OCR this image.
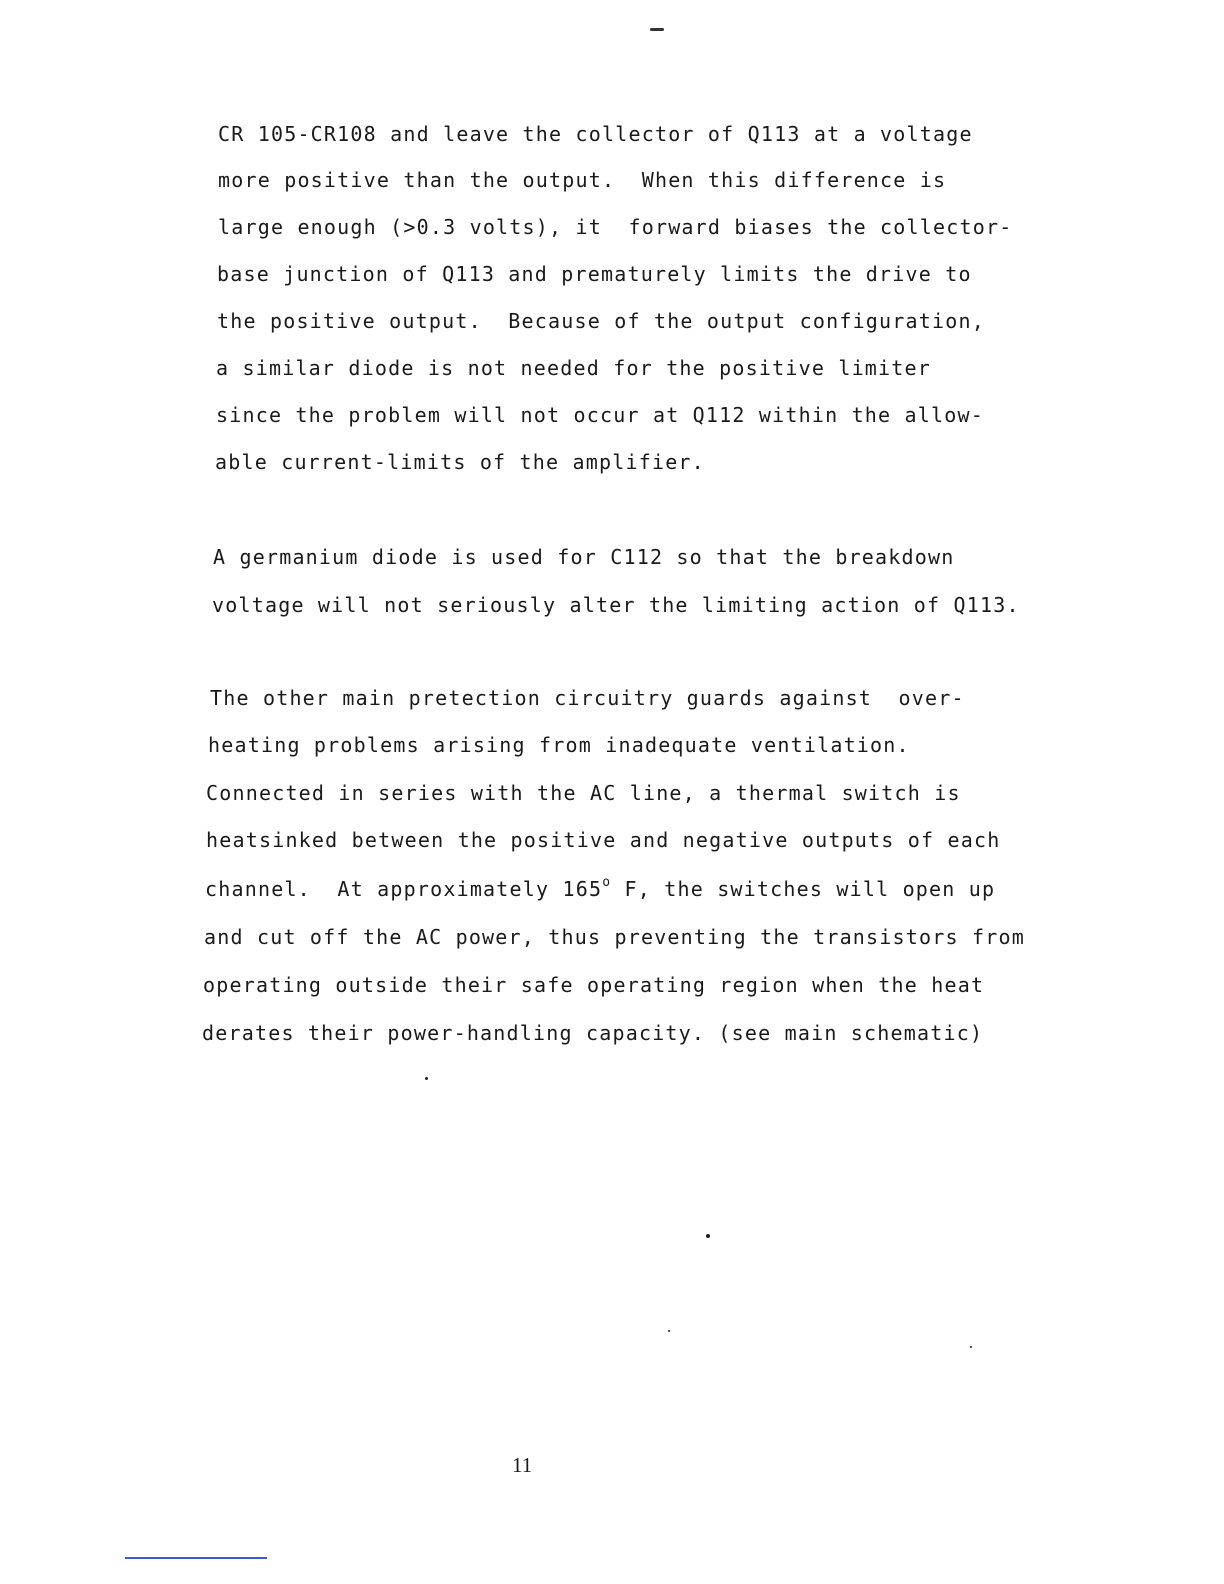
CR 105-CR108 and leave the collector of Q113 at a voltage
more positive than the output.  When this difference is
large enough (>0.3 volts), it  forward biases the collector-
base junction of Q113 and prematurely limits the drive to
the positive output.  Because of the output configuration,
a similar diode is not needed for the positive limiter
since the problem will not occur at Q112 within the allow-
able current-limits of the amplifier.
A germanium diode is used for C112 so that the breakdown
voltage will not seriously alter the limiting action of Q113.
The other main pretection circuitry guards against  over-
heating problems arising from inadequate ventilation.
Connected in series with the AC line, a thermal switch is
heatsinked between the positive and negative outputs of each
channel.  At approximately 165$^o$ F, the switches will open up
and cut off the AC power, thus preventing the transistors from
operating outside their safe operating region when the heat
derates their power-handling capacity. (see main schematic)
11
